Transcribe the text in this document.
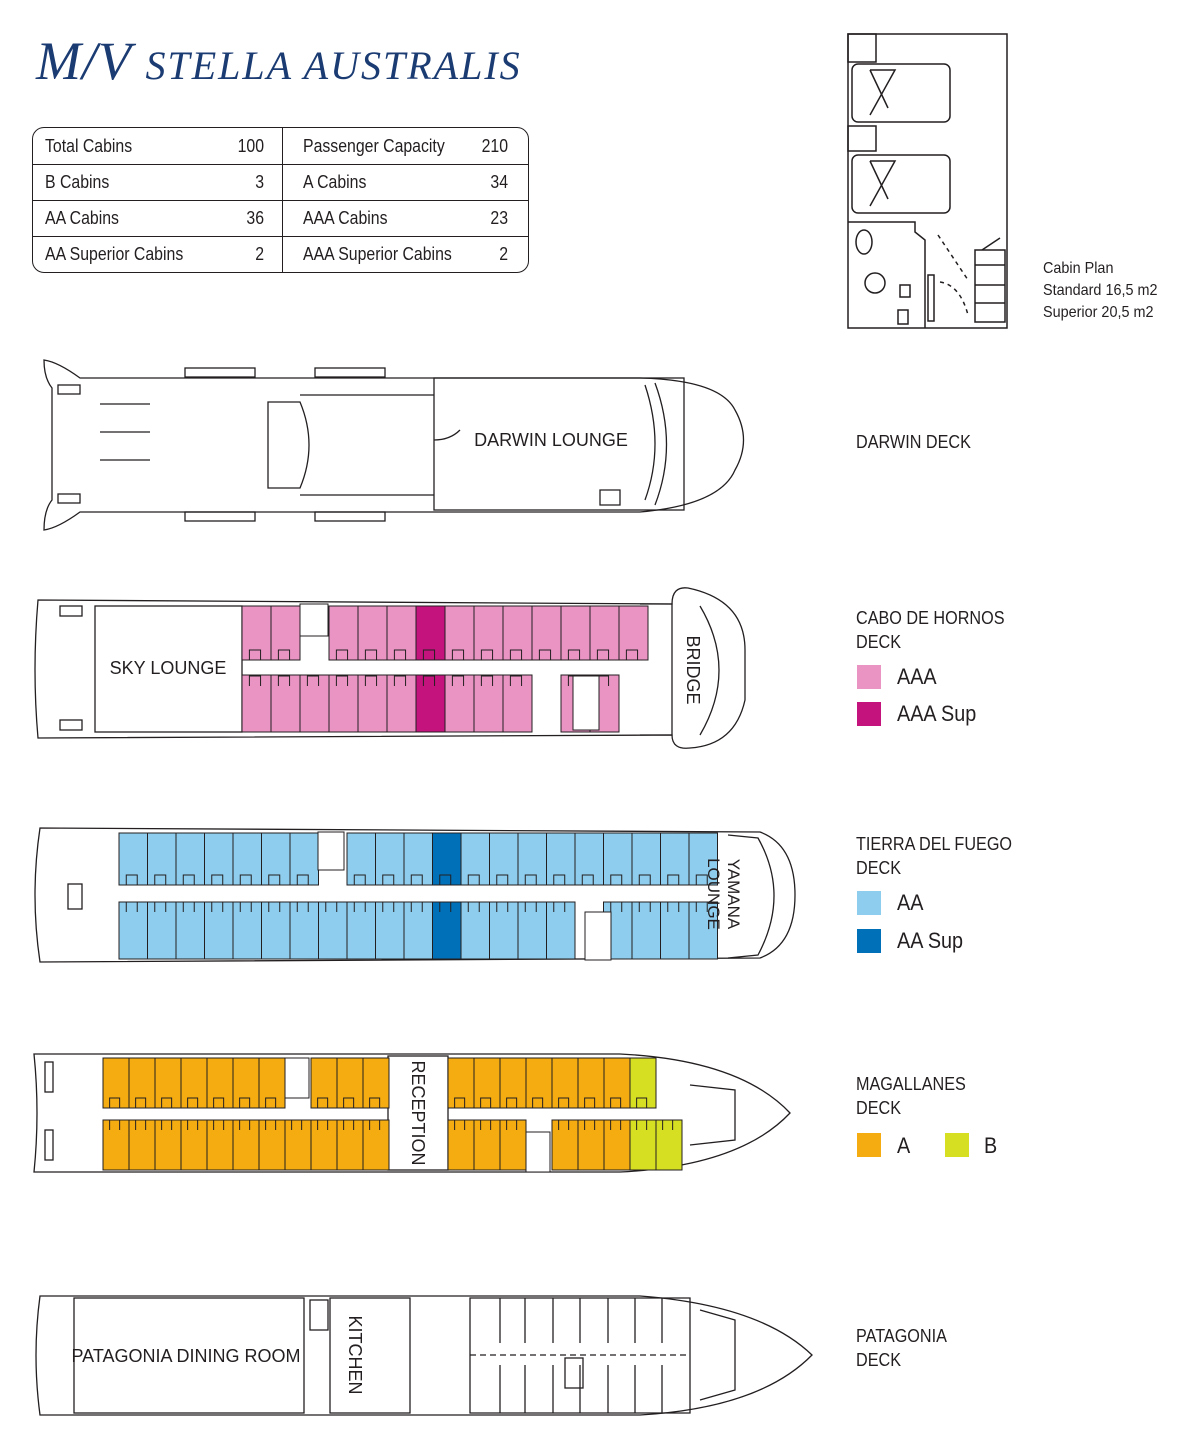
M/V STELLA AUSTRALIS
Total Cabins	100 Passenger Capacity 210
B Cabins	3 A Cabins	34
AA Cabins	36 AAA Cabins	23
AA Superior Cabins	2 AAA Superior Cabins	2
Cabin Plan
Standard 16,5 m2
Superior 20,5 m2
DARWIN DECK
CABO DE HORNOS
DECK
TIERRA DEL FUEGO
DECK
MAGALLANES
DECK
PATAGONIA
DECK
AAA
AAA Sup
AA
AA Sup
A	B
DARWIN LOUNGE
SKY LOUNGE	BRIDGE
YAMANALOUNGE
RECEPTION
PATAGONIA DINING ROOM KITCHEN
